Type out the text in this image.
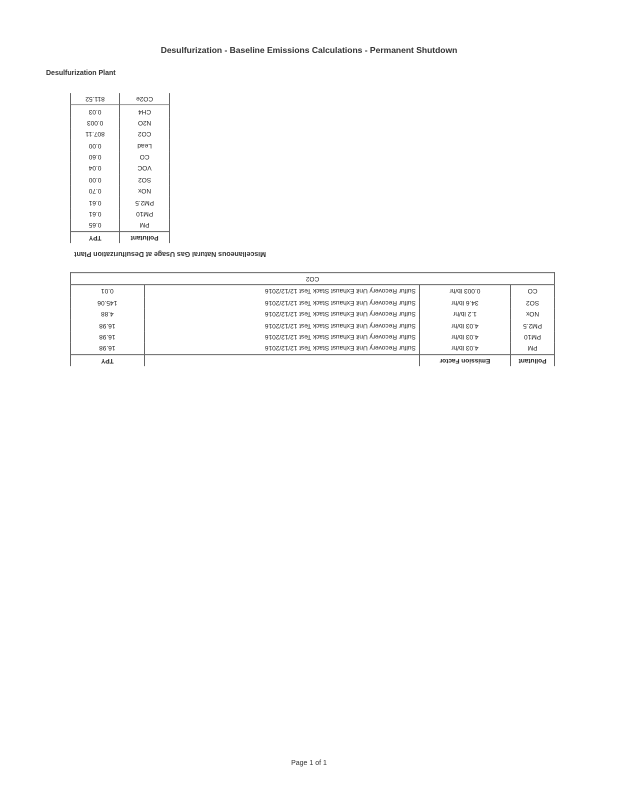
Desulfurization - Baseline Emissions Calculations - Permanent Shutdown
Desulfurization Plant
Pollutant	TPY
PM	0.65
PM10	0.61
PM2.5	0.61
NOx	0.70
SO2	0.00
VOC	0.04
CO	0.60
Lead	0.00
CO2	807.11
N2O	0.003
CH4	0.03
CO2e	811.52
Miscellaneous Natural Gas Usage at Desulfurization Plant
Pollutant	Emission Factor		TPY
PM	4.03 lb/hr	Sulfur Recovery Unit Exhaust Stack Test 12/12/2016	16.98
PM10	4.03 lb/hr	Sulfur Recovery Unit Exhaust Stack Test 12/12/2016	16.98
PM2.5	4.03 lb/hr	Sulfur Recovery Unit Exhaust Stack Test 12/12/2016	16.98
NOx	1.2 lb/hr	Sulfur Recovery Unit Exhaust Stack Test 12/12/2016	4.88
SO2	34.6 lb/hr	Sulfur Recovery Unit Exhaust Stack Test 12/12/2016	145.06
CO	0.003 lb/hr	Sulfur Recovery Unit Exhaust Stack Test 12/12/2016	0.01
CO2			
Page 1 of 1
